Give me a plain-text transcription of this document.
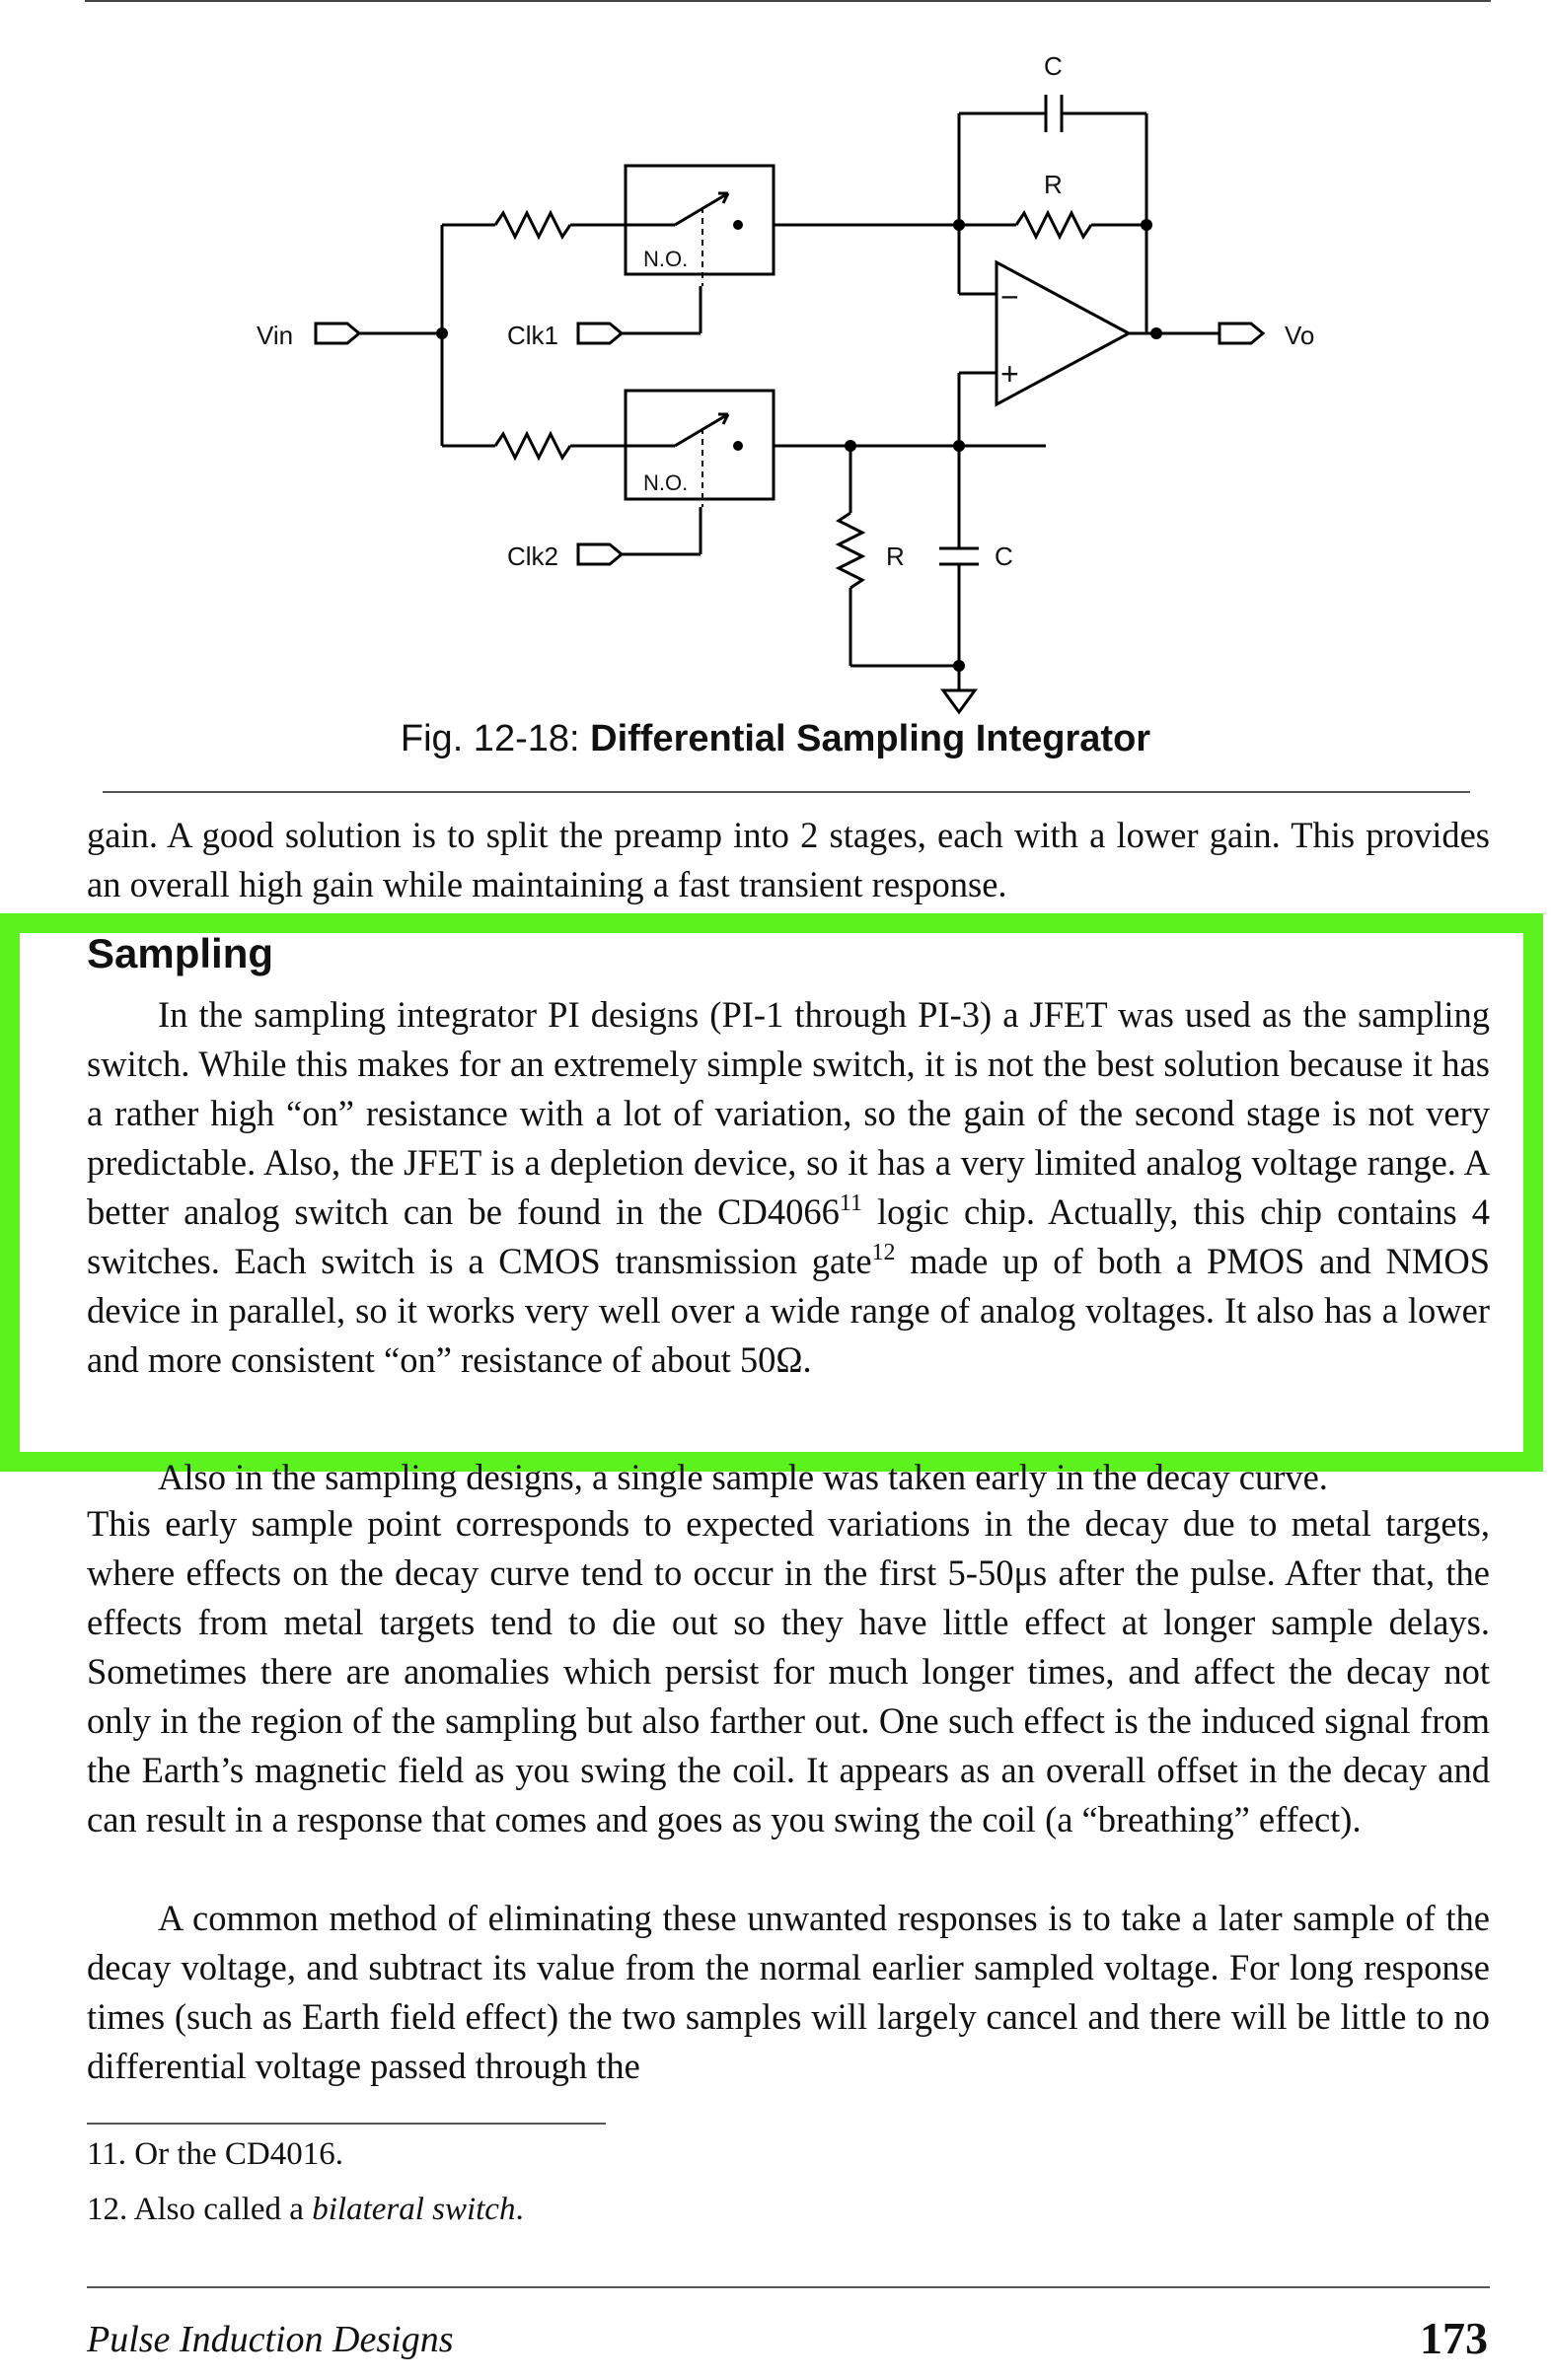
Vin	Clk1
Clk2
N.O.
N.O.
C
R
−
+
Vo
R	C
Fig. 12-18: Differential Sampling Integrator

gain. A good solution is to split the preamp into 2 stages, each with a lower gain. This provides an overall high gain while maintaining a fast transient response.

Sampling

In the sampling integrator PI designs (PI-1 through PI-3) a JFET was used as the sampling switch. While this makes for an extremely simple switch, it is not the best solution because it has a rather high “on” resistance with a lot of variation, so the gain of the second stage is not very predictable. Also, the JFET is a depletion device, so it has a very limited analog voltage range. A better analog switch can be found in the CD4066$^{11}$ logic chip. Actually, this chip contains 4 switches. Each switch is a CMOS transmission gate$^{12}$ made up of both a PMOS and NMOS device in parallel, so it works very well over a wide range of analog voltages. It also has a lower and more consistent “on” resistance of about 50Ω.

Also in the sampling designs, a single sample was taken early in the decay curve.

This early sample point corresponds to expected variations in the decay due to metal targets, where effects on the decay curve tend to occur in the first 5-50μs after the pulse. After that, the effects from metal targets tend to die out so they have little effect at longer sample delays. Sometimes there are anomalies which persist for much longer times, and affect the decay not only in the region of the sampling but also farther out. One such effect is the induced signal from the Earth’s magnetic field as you swing the coil. It appears as an overall offset in the decay and can result in a response that comes and goes as you swing the coil (a “breathing” effect).

A common method of eliminating these unwanted responses is to take a later sample of the decay voltage, and subtract its value from the normal earlier sampled voltage. For long response times (such as Earth field effect) the two samples will largely cancel and there will be little to no differential voltage passed through the

11. Or the CD4016.
12. Also called a bilateral switch.
Pulse Induction Designs	173
